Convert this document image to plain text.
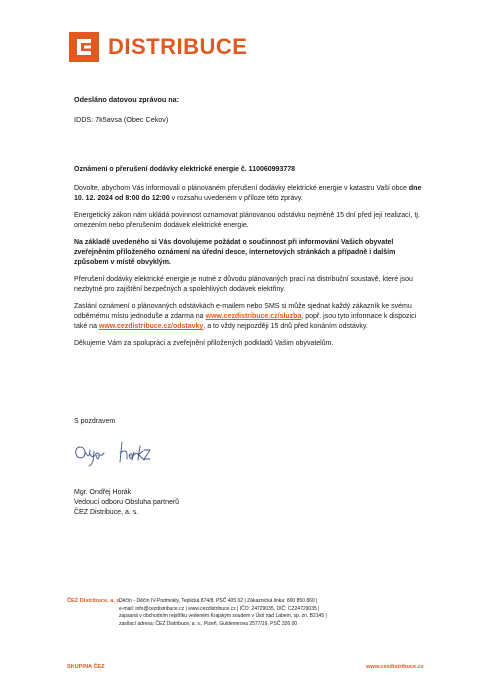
DISTRIBUCE
Odesláno datovou zprávou na:
IDDS: 7k5avsa (Obec Cekov)

Oznámení o přerušení dodávky elektrické energie č. 110060993778

Dovolte, abychom Vás informovali o plánovaném přerušení dodávky elektrické energie v katastru Vaší obce dne 10. 12. 2024 od 8:00 do 12:00 v rozsahu uvedeném v příloze této zprávy.

Energetický zákon nám ukládá povinnost oznamovat plánovanou odstávku nejméně 15 dní před její realizací, tj. omezením nebo přerušením dodávek elektrické energie.

Na základě uvedeného si Vás dovolujeme požádat o součinnost při informování Vašich obyvatel zveřejněním přiloženého oznámení na úřední desce, internetových stránkách a případně i dalším způsobem v místě obvyklým.

Přerušení dodávky elektrické energie je nutné z důvodu plánovaných prací na distribuční soustavě, které jsou nezbytné pro zajištění bezpečných a spolehlivých dodávek elektřiny.

Zaslání oznámení o plánovaných odstávkách e-mailem nebo SMS si může sjednat každý zákazník ke svému odběrnému místu jednoduše a zdarma na www.cezdistribuce.cz/sluzba, popř. jsou tyto informace k dispozici také na www.cezdistribuce.cz/odstavky, a to vždy nejpozději 15 dnů před konáním odstávky.

Děkujeme Vám za spolupráci a zveřejnění přiložených podkladů Vašim obyvatelům.

S pozdravem
Mgr. Ondřej Horák
Vedoucí odboru Obsluha partnerů
ČEZ Distribuce, a. s.
ČEZ Distribuce, a. s.
Děčín - Děčín IV-Podmokly, Teplická 874/8, PSČ 405 02 | Zákaznická linka: 800 850 860 |
e-mail: info@cezdistribuce.cz | www.cezdistribuce.cz | IČO: 24729035, DIČ: CZ24729035 |
zapsaná v obchodním rejstříku vedeném Krajským soudem v Ústí nad Labem, sp. zn. B2145 |
zasílací adresa: ČEZ Distribuce, a. s., Plzeň, Guldenerova 2577/19, PSČ 326 00
SKUPINA ČEZ	www.cezdistribuce.cz
